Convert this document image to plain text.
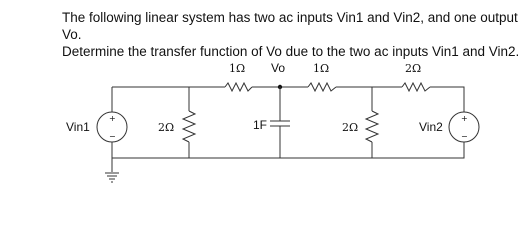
The following linear system has two ac inputs Vin1 and Vin2, and one output Vo.

Determine the transfer function of Vo due to the two ac inputs Vin1 and Vin2.

+
−
Vin1	2Ω
1Ω Vo
1F
1Ω
2Ω
2Ω
+
−
Vin2
